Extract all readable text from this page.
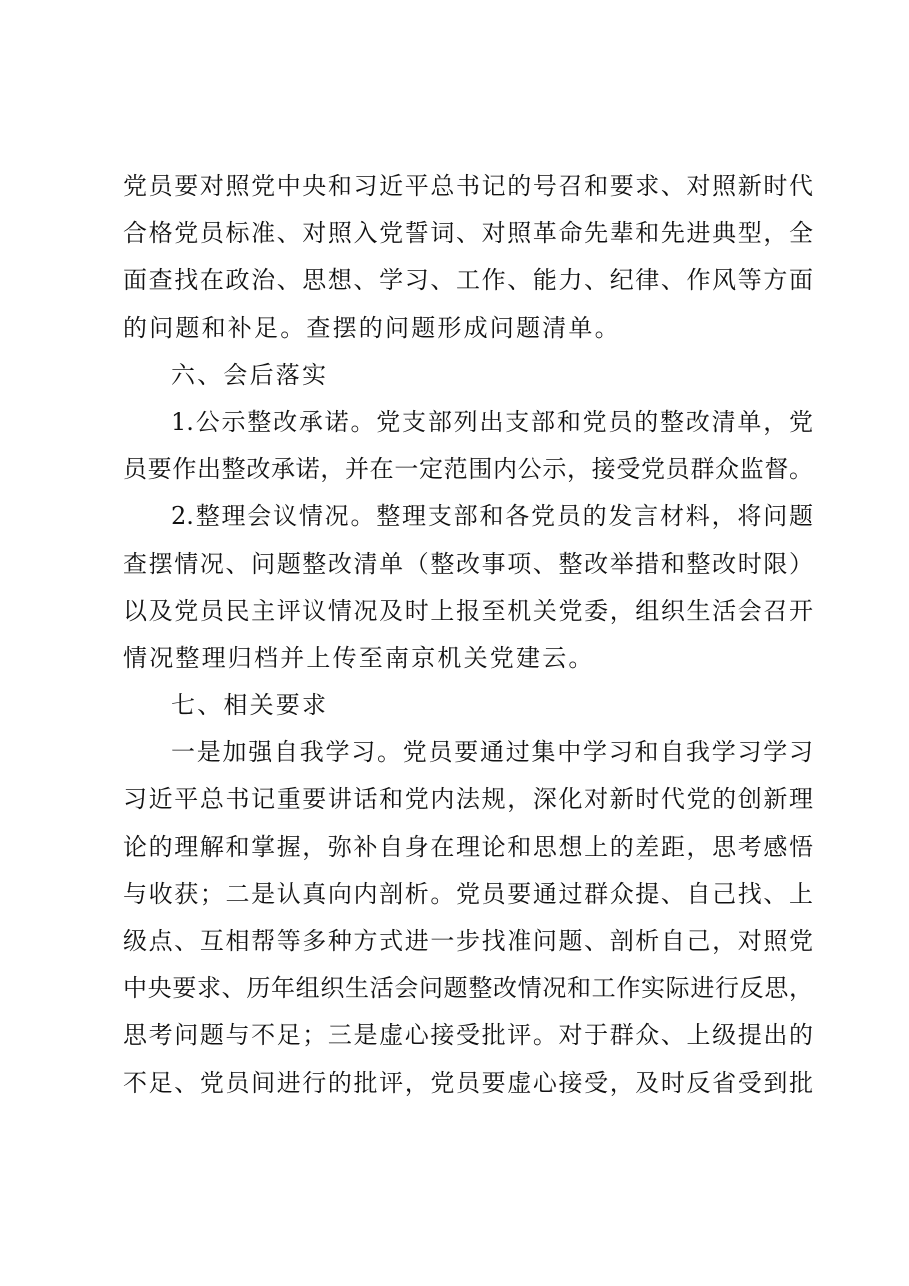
党员要对照党中央和习近平总书记的号召和要求、对照新时代
合格党员标准、对照入党誓词、对照革命先辈和先进典型，全
面查找在政治、思想、学习、工作、能力、纪律、作风等方面
的问题和补足。查摆的问题形成问题清单。
六、会后落实
1.公示整改承诺。党支部列出支部和党员的整改清单，党
员要作出整改承诺，并在一定范围内公示，接受党员群众监督。
2.整理会议情况。整理支部和各党员的发言材料，将问题
查摆情况、问题整改清单（整改事项、整改举措和整改时限）
以及党员民主评议情况及时上报至机关党委，组织生活会召开
情况整理归档并上传至南京机关党建云。
七、相关要求
一是加强自我学习。党员要通过集中学习和自我学习学习
习近平总书记重要讲话和党内法规，深化对新时代党的创新理
论的理解和掌握，弥补自身在理论和思想上的差距，思考感悟
与收获；二是认真向内剖析。党员要通过群众提、自己找、上
级点、互相帮等多种方式进一步找准问题、剖析自己，对照党
中央要求、历年组织生活会问题整改情况和工作实际进行反思，
思考问题与不足；三是虚心接受批评。对于群众、上级提出的
不足、党员间进行的批评，党员要虚心接受，及时反省受到批
